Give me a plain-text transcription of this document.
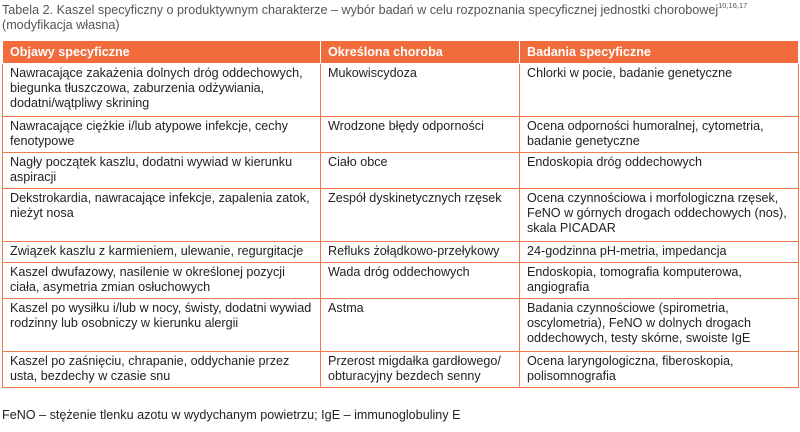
Tabela 2. Kaszel specyficzny o produktywnym charakterze – wybór badań w celu rozpoznania specyficznej jednostki chorobowej$^{10,16,17}$
(modyfikacja własna)
Objawy specyficzne	Określona choroba	Badania specyficzne
Nawracające zakażenia dolnych dróg oddechowych, biegunka tłuszczowa, zaburzenia odżywiania, dodatni/wątpliwy skrining	Mukowiscydoza	Chlorki w pocie, badanie genetyczne
Nawracające ciężkie i/lub atypowe infekcje, cechy fenotypowe	Wrodzone błędy odporności	Ocena odporności humoralnej, cytometria, badanie genetyczne
Nagły początek kaszlu, dodatni wywiad w kierunku aspiracji	Ciało obce	Endoskopia dróg oddechowych
Dekstrokardia, nawracające infekcje, zapalenia zatok, nieżyt nosa	Zespół dyskinetycznych rzęsek	Ocena czynnościowa i morfologiczna rzęsek, FeNO w górnych drogach oddechowych (nos), skala PICADAR
Związek kaszlu z karmieniem, ulewanie, regurgitacje	Refluks żołądkowo-przełykowy	24-godzinna pH-metria, impedancja
Kaszel dwufazowy, nasilenie w określonej pozycji ciała, asymetria zmian osłuchowych	Wada dróg oddechowych	Endoskopia, tomografia komputerowa, angiografia
Kaszel po wysiłku i/lub w nocy, świsty, dodatni wywiad rodzinny lub osobniczy w kierunku alergii	Astma	Badania czynnościowe (spirometria, oscylometria), FeNO w dolnych drogach oddechowych, testy skórne, swoiste IgE
Kaszel po zaśnięciu, chrapanie, oddychanie przez usta, bezdechy w czasie snu	Przerost migdałka gardłowego/ obturacyjny bezdech senny	Ocena laryngologiczna, fiberoskopia, polisomnografia
FeNO – stężenie tlenku azotu w wydychanym powietrzu; IgE – immunoglobuliny E
